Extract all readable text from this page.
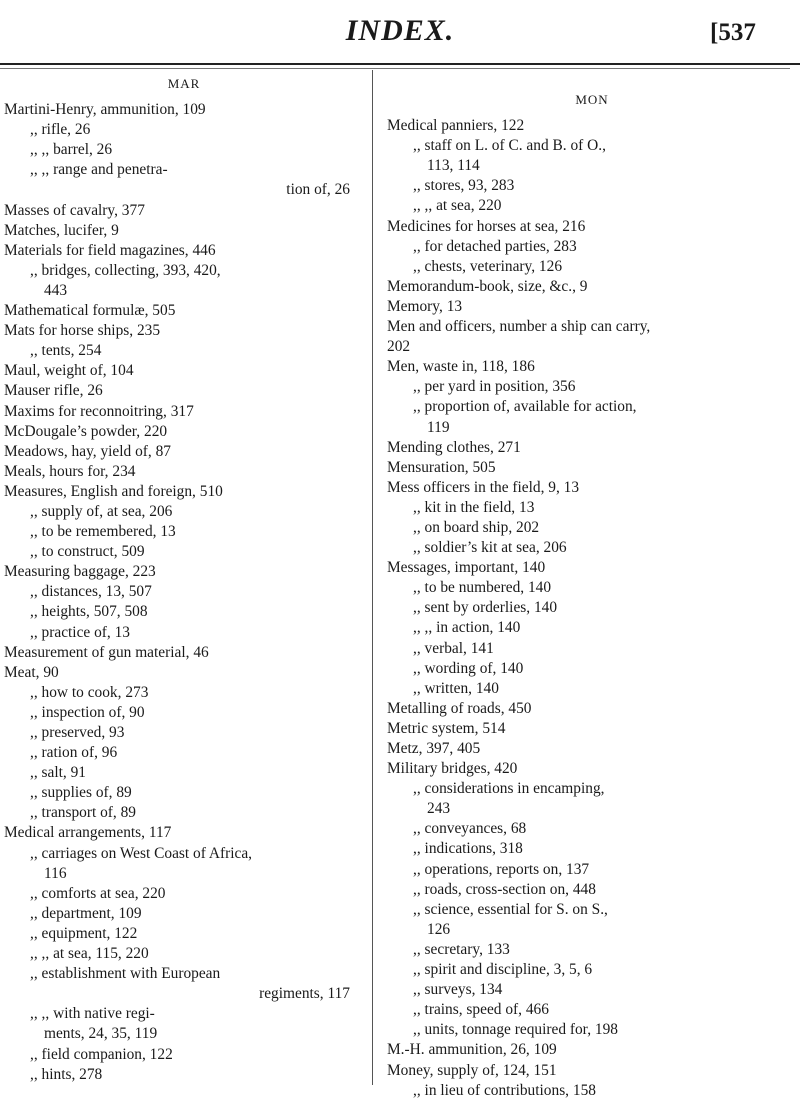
INDEX.	[537
MAR
Martini-Henry, ammunition, 109
,, rifle, 26
,, ,, barrel, 26
,, ,, range and penetra-
tion of, 26
Masses of cavalry, 377
Matches, lucifer, 9
Materials for field magazines, 446
,, bridges, collecting, 393, 420,
443
Mathematical formulæ, 505
Mats for horse ships, 235
,, tents, 254
Maul, weight of, 104
Mauser rifle, 26
Maxims for reconnoitring, 317
McDougale’s powder, 220
Meadows, hay, yield of, 87
Meals, hours for, 234
Measures, English and foreign, 510
,, supply of, at sea, 206
,, to be remembered, 13
,, to construct, 509
Measuring baggage, 223
,, distances, 13, 507
,, heights, 507, 508
,, practice of, 13
Measurement of gun material, 46
Meat, 90
,, how to cook, 273
,, inspection of, 90
,, preserved, 93
,, ration of, 96
,, salt, 91
,, supplies of, 89
,, transport of, 89
Medical arrangements, 117
,, carriages on West Coast of Africa,
116
,, comforts at sea, 220
,, department, 109
,, equipment, 122
,, ,, at sea, 115, 220
,, establishment with European
regiments, 117
,, ,, with native regi-
ments, 24, 35, 119
,, field companion, 122
,, hints, 278
MON
Medical panniers, 122
,, staff on L. of C. and B. of O.,
113, 114
,, stores, 93, 283
,, ,, at sea, 220
Medicines for horses at sea, 216
,, for detached parties, 283
,, chests, veterinary, 126
Memorandum-book, size, &c., 9
Memory, 13
Men and officers, number a ship can carry,
202
Men, waste in, 118, 186
,, per yard in position, 356
,, proportion of, available for action,
119
Mending clothes, 271
Mensuration, 505
Mess officers in the field, 9, 13
,, kit in the field, 13
,, on board ship, 202
,, soldier’s kit at sea, 206
Messages, important, 140
,, to be numbered, 140
,, sent by orderlies, 140
,, ,, in action, 140
,, verbal, 141
,, wording of, 140
,, written, 140
Metalling of roads, 450
Metric system, 514
Metz, 397, 405
Military bridges, 420
,, considerations in encamping,
243
,, conveyances, 68
,, indications, 318
,, operations, reports on, 137
,, roads, cross-section on, 448
,, science, essential for S. on S.,
126
,, secretary, 133
,, spirit and discipline, 3, 5, 6
,, surveys, 134
,, trains, speed of, 466
,, units, tonnage required for, 198
M.-H. ammunition, 26, 109
Money, supply of, 124, 151
,, in lieu of contributions, 158
